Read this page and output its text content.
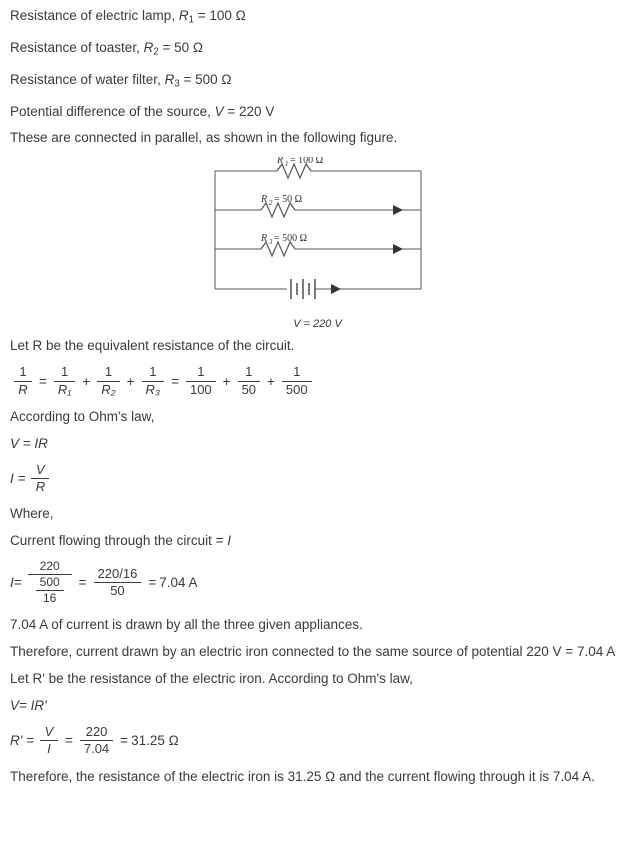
Resistance of electric lamp, $R_1 = 100$ Ω

Resistance of toaster, $R_2 = 50$ Ω

Resistance of water filter, $R_3 = 500$ Ω

Potential difference of the source, V = 220 V

These are connected in parallel, as shown in the following figure.

R 1 = 100 Ω
R 2 = 50 Ω
R 3 = 500 Ω
V = 220 V

Let R be the equivalent resistance of the circuit.

$\frac{1}{R} = \frac{1}{\text{R₁}} + \frac{1}{\text{R₂}} + \frac{1}{\text{R₃}} = \frac{1}{100} + \frac{1}{50} + \frac{1}{500}$

According to Ohm's law,

V = IR

$I = \frac{V}{R}$

Where,

Current flowing through the circuit = I

$I= \frac{220}{\frac{500}{16}} = \frac{220/16}{50} = 7.04$ A

7.04 A of current is drawn by all the three given appliances.

Therefore, current drawn by an electric iron connected to the same source of potential 220 V = 7.04 A

Let R' be the resistance of the electric iron. According to Ohm's law,

V= IR'

$R' = \frac{V}{I} = \frac{220}{7.04} = 31.25$ Ω

Therefore, the resistance of the electric iron is 31.25 Ω and the current flowing through it is 7.04 A.
